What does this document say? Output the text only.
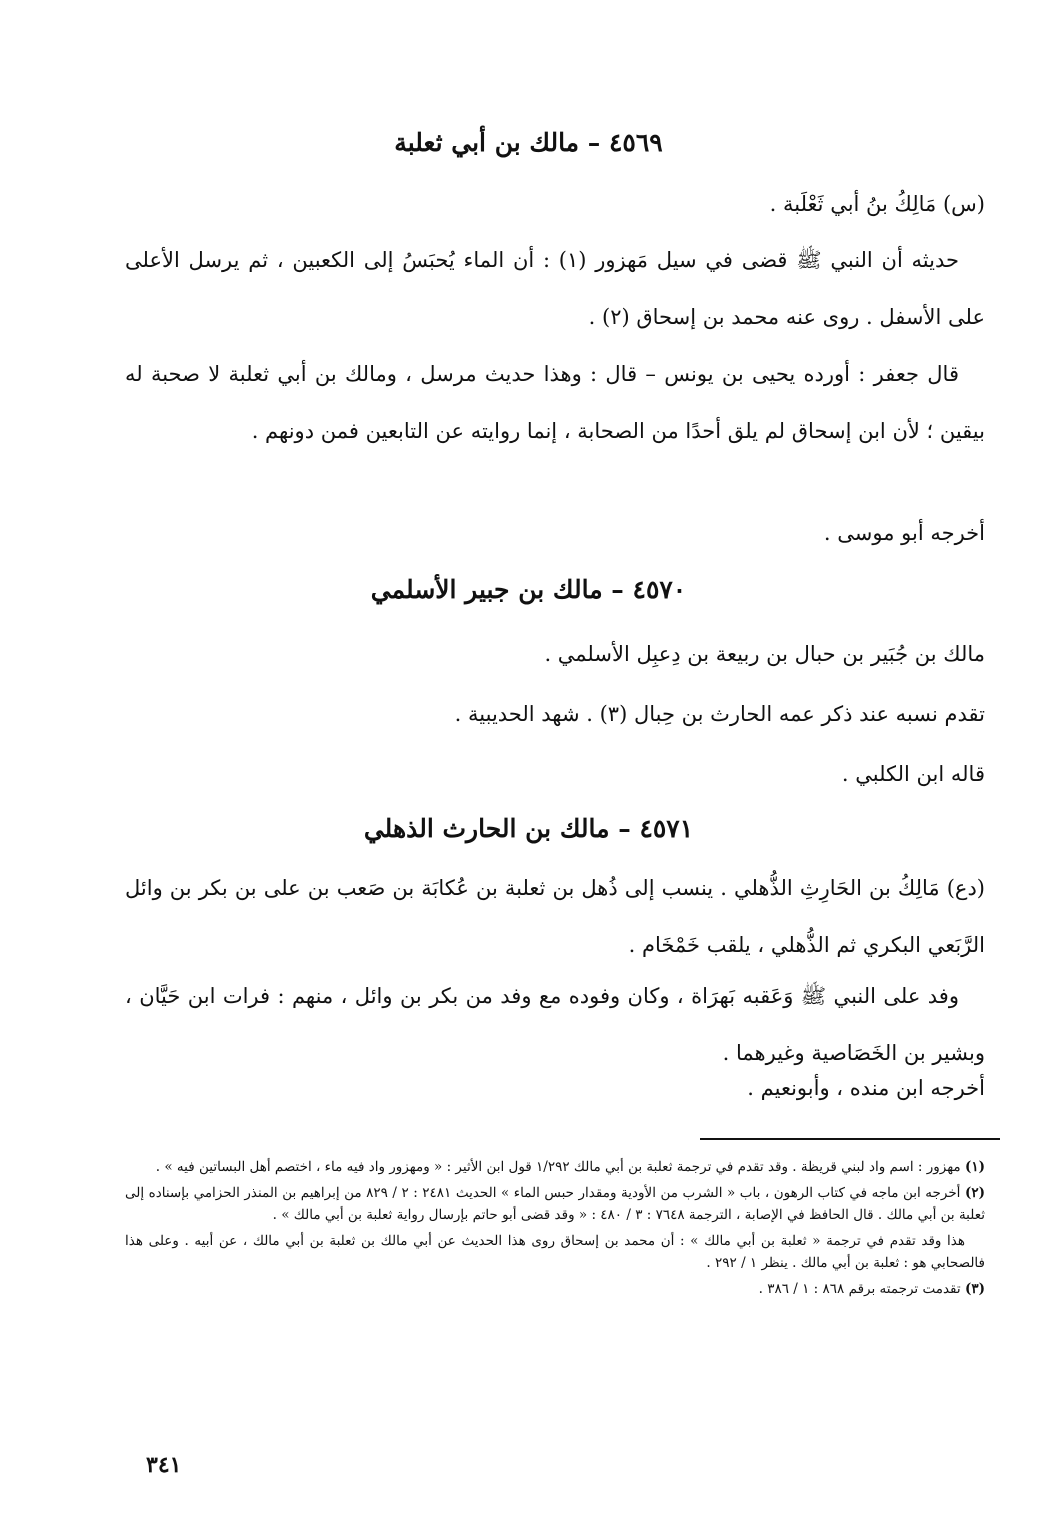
٤٥٦٩ – مالك بن أبي ثعلبة
(س) مَالِكُ بنُ أبي ثَعْلَبة .
حديثه أن النبي ﷺ قضى في سيل مَهزور (١) : أن الماء يُحبَسُ إلى الكعبين ، ثم يرسل الأعلى على الأسفل . روى عنه محمد بن إسحاق (٢) .
قال جعفر : أورده يحيى بن يونس – قال : وهذا حديث مرسل ، ومالك بن أبي ثعلبة لا صحبة له بيقين ؛ لأن ابن إسحاق لم يلق أحدًا من الصحابة ، إنما روايته عن التابعين فمن دونهم .
أخرجه أبو موسى .
٤٥٧٠ – مالك بن جبير الأسلمي
مالك بن جُبَير بن حبال بن ربيعة بن دِعبِل الأسلمي .
تقدم نسبه عند ذكر عمه الحارث بن حِبال (٣) . شهد الحديبية .
قاله ابن الكلبي .
٤٥٧١ – مالك بن الحارث الذهلي
(دع) مَالِكُ بن الحَارِثِ الذُّهلي . ينسب إلى ذُهل بن ثعلبة بن عُكابَة بن صَعب بن على بن بكر بن وائل الرَّبَعي البكري ثم الذُّهلي ، يلقب خَمْخَام .
وفد على النبي ﷺ وَعَقبه بَهرَاة ، وكان وفوده مع وفد من بكر بن وائل ، منهم : فرات ابن حَيَّان ، وبشير بن الخَصَاصية وغيرهما .
أخرجه ابن منده ، وأبونعيم .

(١) مهزور : اسم واد لبني قريظة . وقد تقدم في ترجمة ثعلبة بن أبي مالك ١/٢٩٢ قول ابن الأثير : « ومهزور واد فيه ماء ، اختصم أهل البساتين فيه » .

(٢) أخرجه ابن ماجه في كتاب الرهون ، باب « الشرب من الأودية ومقدار حبس الماء » الحديث ٢٤٨١ : ٢ / ٨٢٩ من إبراهيم بن المنذر الحزامي بإسناده إلى ثعلبة بن أبي مالك . قال الحافظ في الإصابة ، الترجمة ٧٦٤٨ : ٣ / ٤٨٠ : « وقد قضى أبو حاتم بإرسال رواية ثعلبة بن أبي مالك » .

هذا وقد تقدم في ترجمة « ثعلبة بن أبي مالك » : أن محمد بن إسحاق روى هذا الحديث عن أبي مالك بن ثعلبة بن أبي مالك ، عن أبيه . وعلى هذا فالصحابي هو : ثعلبة بن أبي مالك . ينظر ١ / ٢٩٢ .

(٣) تقدمت ترجمته برقم ٨٦٨ : ١ / ٣٨٦ .

٣٤١
